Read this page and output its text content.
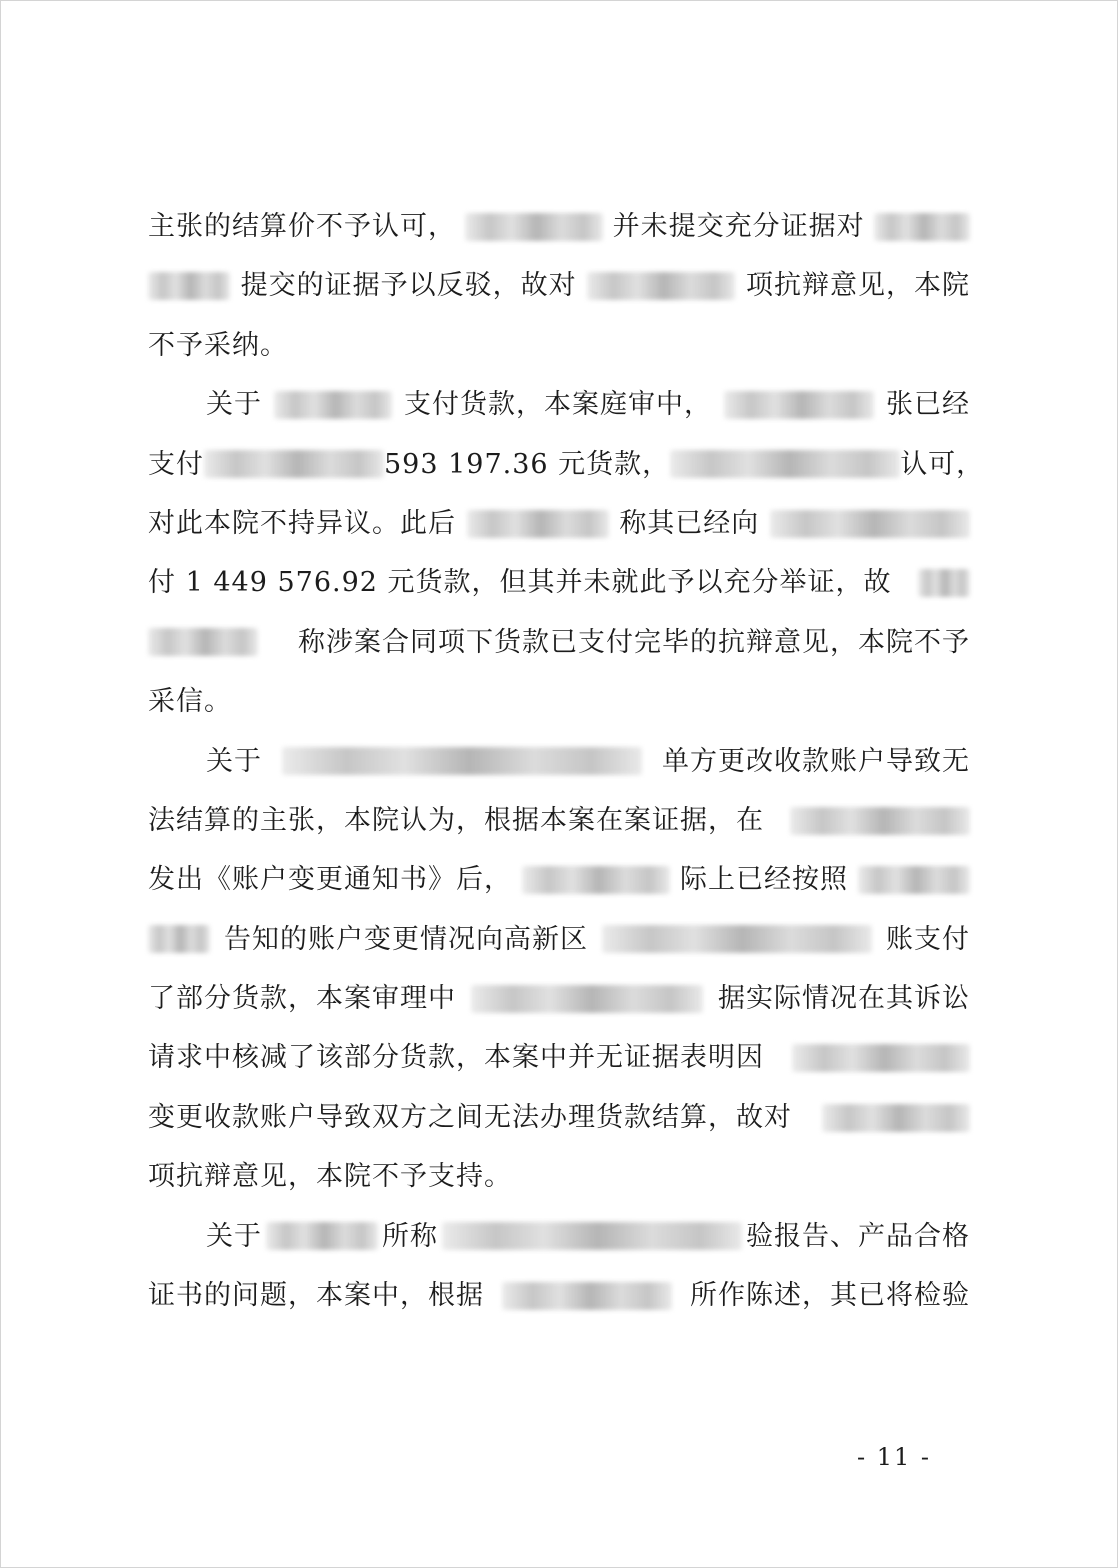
主张的结算价不予认可，	并未提交充分证据对
提交的证据予以反驳，故对	项抗辩意见，本院
不予采纳。
关于	支付货款，本案庭审中，	张已经
支付	593 197.36 元货款，	认可，
对此本院不持异议。此后	称其已经向
付 1 449 576.92 元货款，但其并未就此予以充分举证，故
称涉案合同项下货款已支付完毕的抗辩意见，本院不予
采信。
关于	单方更改收款账户导致无
法结算的主张，本院认为，根据本案在案证据，在
发出《账户变更通知书》后，	际上已经按照
告知的账户变更情况向高新区	账支付
了部分货款，本案审理中	据实际情况在其诉讼
请求中核减了该部分货款，本案中并无证据表明因
变更收款账户导致双方之间无法办理货款结算，故对
项抗辩意见，本院不予支持。
关于	所称	验报告、产品合格
证书的问题，本案中，根据	所作陈述，其已将检验
- 11 -
